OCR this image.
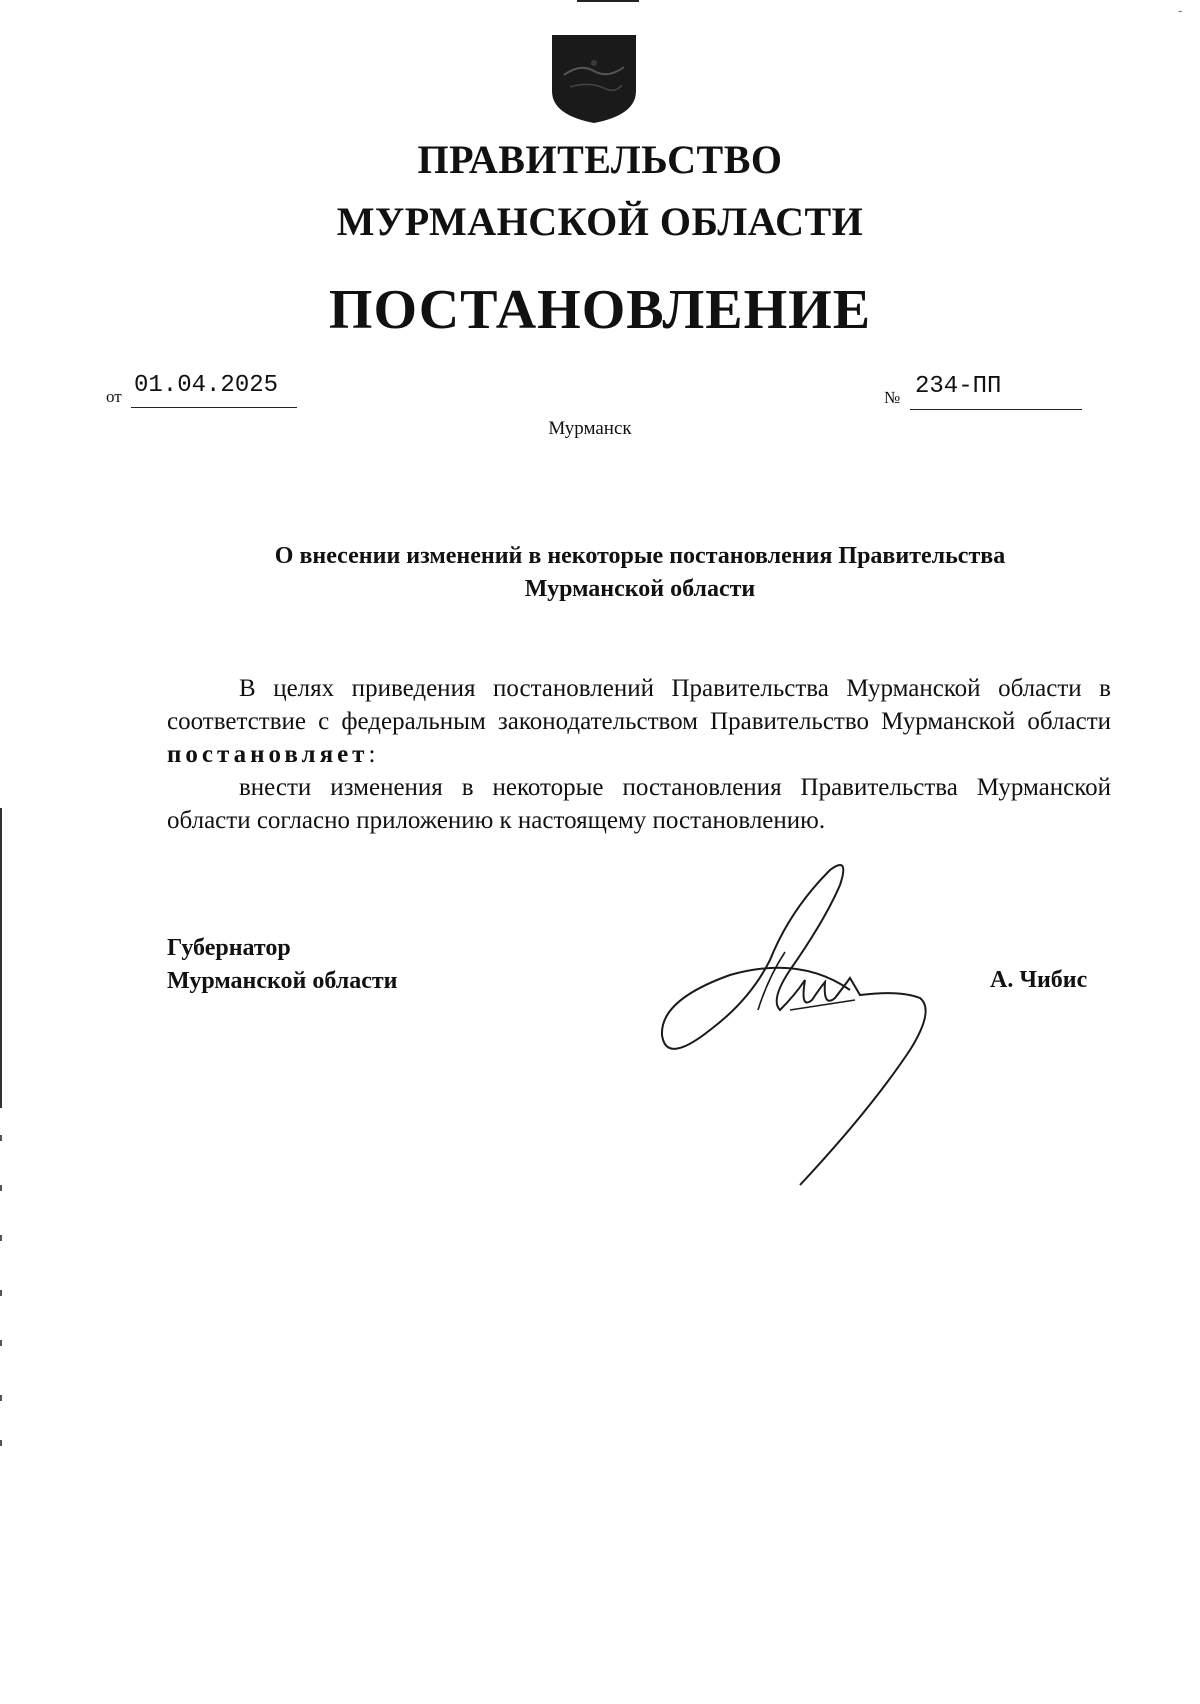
-
ПРАВИТЕЛЬСТВО
МУРМАНСКОЙ ОБЛАСТИ
ПОСТАНОВЛЕНИЕ
от 01.04.2025	№ 234-ПП
Мурманск
О внесении изменений в некоторые постановления Правительства
Мурманской области

В целях приведения постановлений Правительства Мурманской области в соответствие с федеральным законодательством Правительство Мурманской области постановляет:

внести изменения в некоторые постановления Правительства Мурманской области согласно приложению к настоящему постановлению.

Губернатор
Мурманской области	А. Чибис
